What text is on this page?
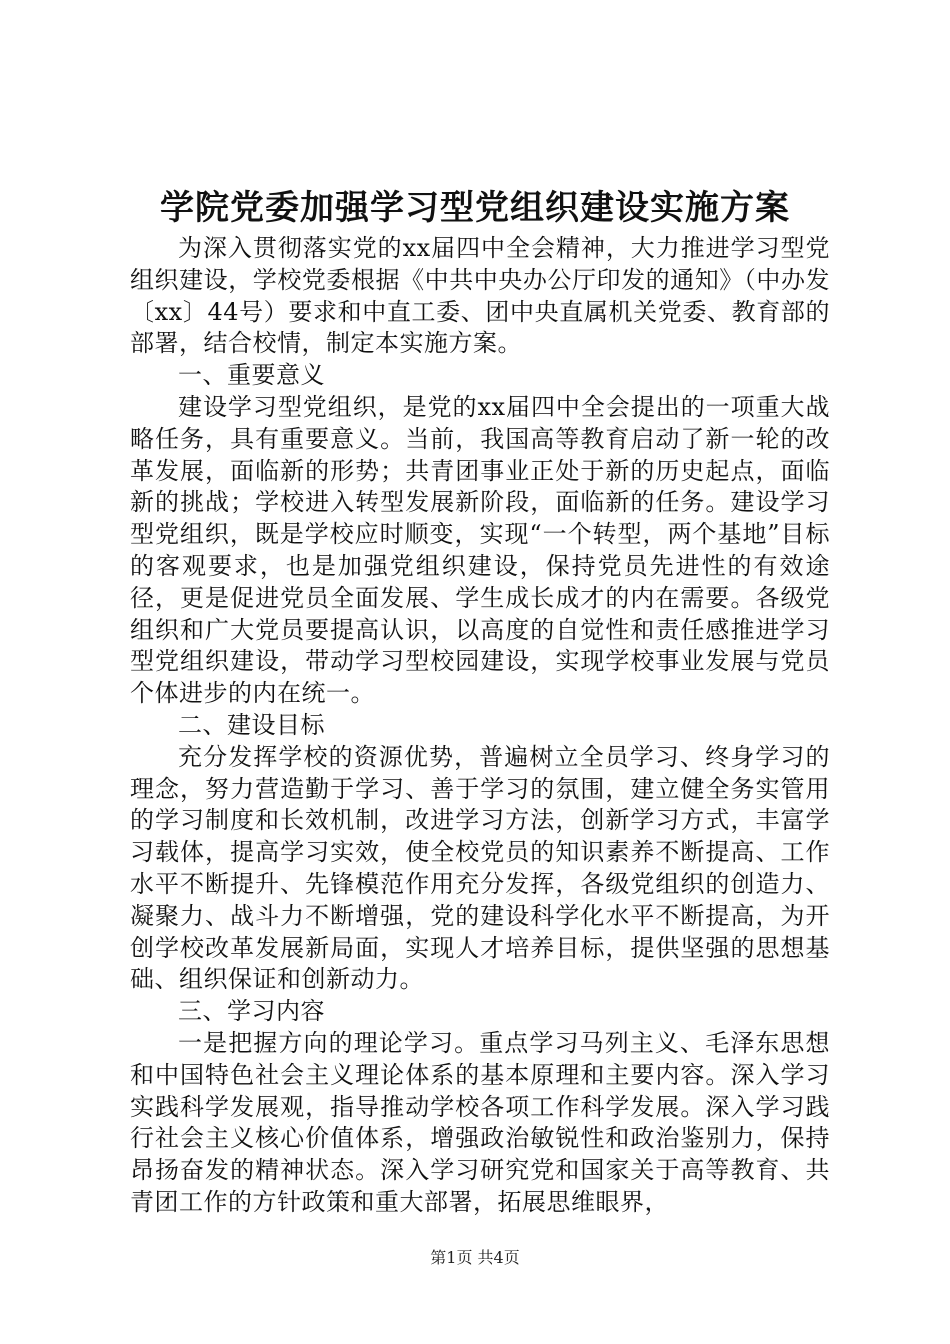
学院党委加强学习型党组织建设实施方案

为深入贯彻落实党的xx届四中全会精神，大力推进学习型党组织建设，学校党委根据《中共中央办公厅印发的通知》（中办发〔xx〕44号）要求和中直工委、团中央直属机关党委、教育部的部署，结合校情，制定本实施方案。

一、重要意义

建设学习型党组织，是党的xx届四中全会提出的一项重大战略任务，具有重要意义。当前，我国高等教育启动了新一轮的改革发展，面临新的形势；共青团事业正处于新的历史起点，面临新的挑战；学校进入转型发展新阶段，面临新的任务。建设学习型党组织，既是学校应时顺变，实现“一个转型，两个基地”目标的客观要求，也是加强党组织建设，保持党员先进性的有效途径，更是促进党员全面发展、学生成长成才的内在需要。各级党组织和广大党员要提高认识，以高度的自觉性和责任感推进学习型党组织建设，带动学习型校园建设，实现学校事业发展与党员个体进步的内在统一。

二、建设目标

充分发挥学校的资源优势，普遍树立全员学习、终身学习的理念，努力营造勤于学习、善于学习的氛围，建立健全务实管用的学习制度和长效机制，改进学习方法，创新学习方式，丰富学习载体，提高学习实效，使全校党员的知识素养不断提高、工作水平不断提升、先锋模范作用充分发挥，各级党组织的创造力、凝聚力、战斗力不断增强，党的建设科学化水平不断提高，为开创学校改革发展新局面，实现人才培养目标，提供坚强的思想基础、组织保证和创新动力。

三、学习内容

一是把握方向的理论学习。重点学习马列主义、毛泽东思想和中国特色社会主义理论体系的基本原理和主要内容。深入学习实践科学发展观，指导推动学校各项工作科学发展。深入学习践行社会主义核心价值体系，增强政治敏锐性和政治鉴别力，保持昂扬奋发的精神状态。深入学习研究党和国家关于高等教育、共青团工作的方针政策和重大部署，拓展思维眼界，

第1页 共4页
